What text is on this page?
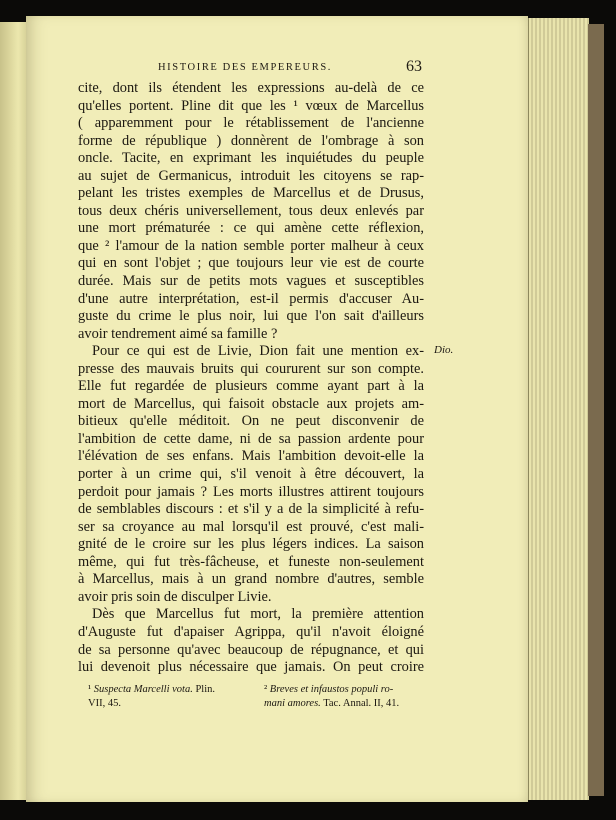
HISTOIRE DES EMPEREURS.	63
Dio.
cite, dont ils étendent les expressions au-delà de ce
qu'elles portent. Pline dit que les ¹ vœux de Marcellus
( apparemment pour le rétablissement de l'ancienne
forme de république ) donnèrent de l'ombrage à son
oncle. Tacite, en exprimant les inquiétudes du peuple
au sujet de Germanicus, introduit les citoyens se rap-
pelant les tristes exemples de Marcellus et de Drusus,
tous deux chéris universellement, tous deux enlevés par
une mort prématurée : ce qui amène cette réflexion,
que ² l'amour de la nation semble porter malheur à ceux
qui en sont l'objet ; que toujours leur vie est de courte
durée. Mais sur de petits mots vagues et susceptibles
d'une autre interprétation, est-il permis d'accuser Au-
guste du crime le plus noir, lui que l'on sait d'ailleurs
avoir tendrement aimé sa famille ?
Pour ce qui est de Livie, Dion fait une mention ex-
presse des mauvais bruits qui coururent sur son compte.
Elle fut regardée de plusieurs comme ayant part à la
mort de Marcellus, qui faisoit obstacle aux projets am-
bitieux qu'elle méditoit. On ne peut disconvenir de
l'ambition de cette dame, ni de sa passion ardente pour
l'élévation de ses enfans. Mais l'ambition devoit-elle la
porter à un crime qui, s'il venoit à être découvert, la
perdoit pour jamais ? Les morts illustres attirent toujours
de semblables discours : et s'il y a de la simplicité à refu-
ser sa croyance au mal lorsqu'il est prouvé, c'est mali-
gnité de le croire sur les plus légers indices. La saison
même, qui fut très-fâcheuse, et funeste non-seulement
à Marcellus, mais à un grand nombre d'autres, semble
avoir pris soin de disculper Livie.
Dès que Marcellus fut mort, la première attention
d'Auguste fut d'apaiser Agrippa, qu'il n'avoit éloigné
de sa personne qu'avec beaucoup de répugnance, et qui
lui devenoit plus nécessaire que jamais. On peut croire
¹ Suspecta Marcelli vota. Plin.
VII, 45.
² Breves et infaustos populi ro-
mani amores. Tac. Annal. II, 41.
